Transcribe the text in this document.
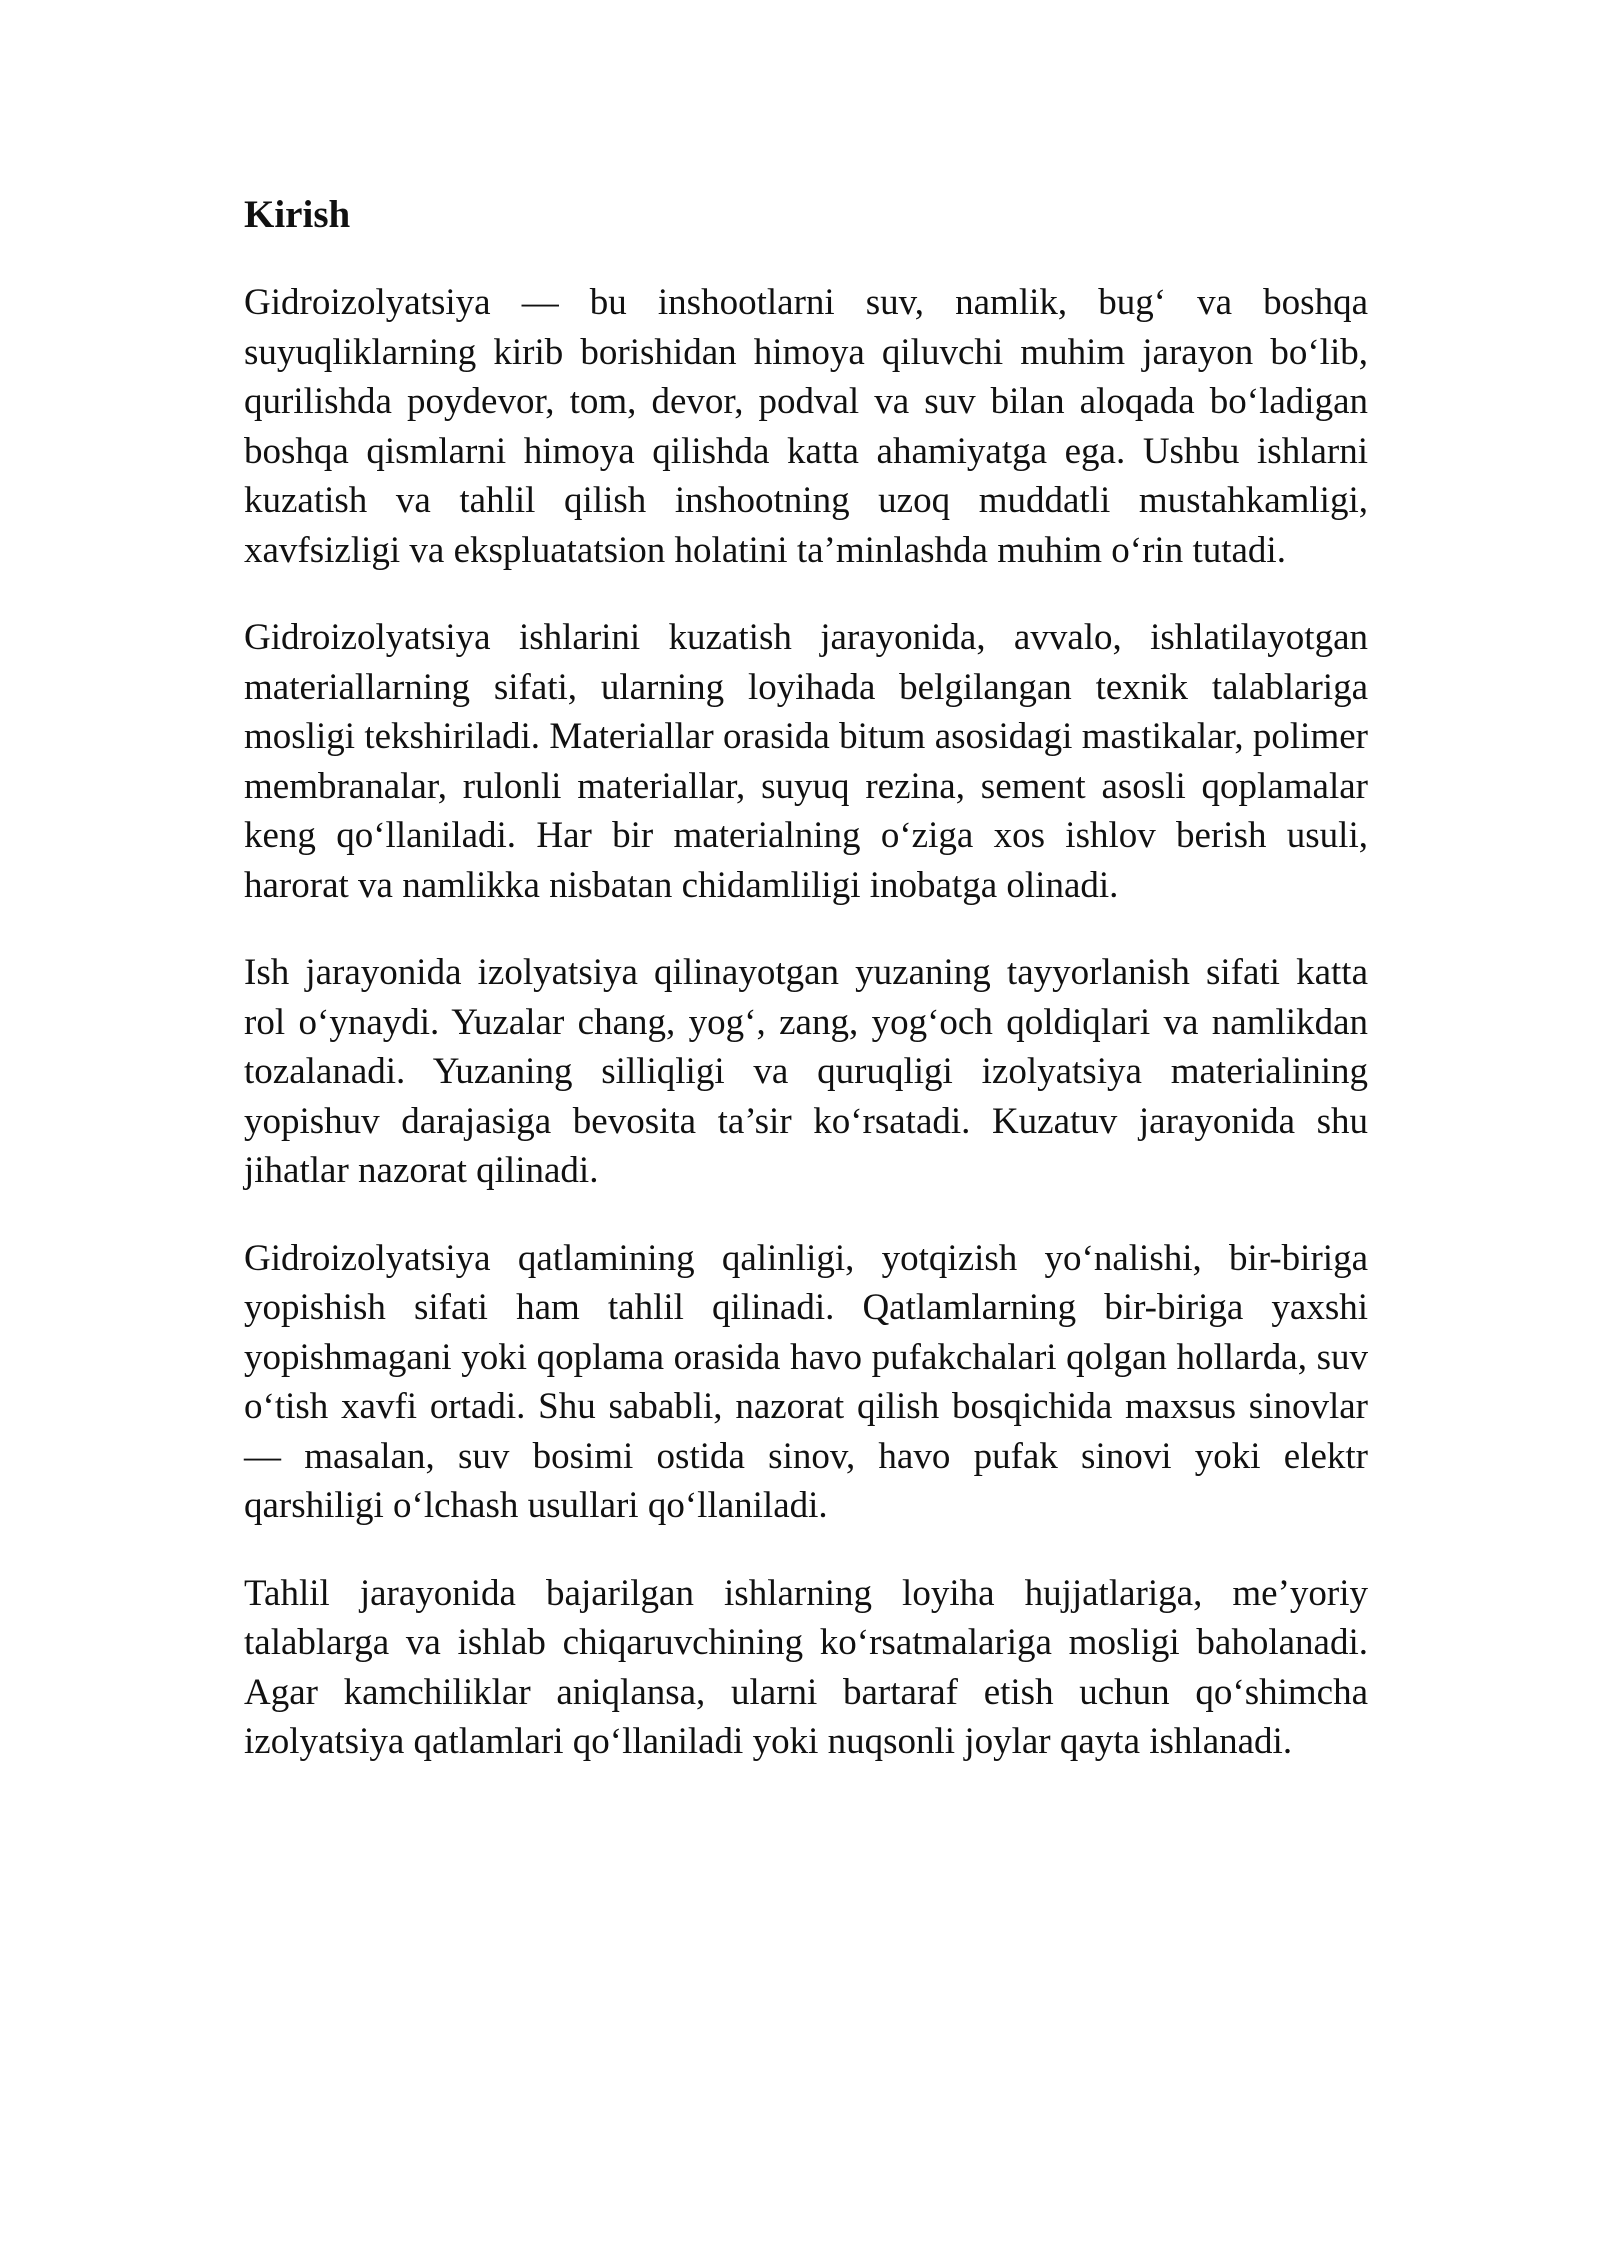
Kirish

Gidroizolyatsiya — bu inshootlarni suv, namlik, bug‘ va boshqa suyuqliklarning kirib borishidan himoya qiluvchi muhim jarayon bo‘lib, qurilishda poydevor, tom, devor, podval va suv bilan aloqada bo‘ladigan boshqa qismlarni himoya qilishda katta ahamiyatga ega. Ushbu ishlarni kuzatish va tahlil qilish inshootning uzoq muddatli mustahkamligi, xavfsizligi va ekspluatatsion holatini ta’minlashda muhim o‘rin tutadi.

Gidroizolyatsiya ishlarini kuzatish jarayonida, avvalo, ishlatilayotgan materiallarning sifati, ularning loyihada belgilangan texnik talablariga mosligi tekshiriladi. Materiallar orasida bitum asosidagi mastikalar, polimer membranalar, rulonli materiallar, suyuq rezina, sement asosli qoplamalar keng qo‘llaniladi. Har bir materialning o‘ziga xos ishlov berish usuli, harorat va namlikka nisbatan chidamliligi inobatga olinadi.

Ish jarayonida izolyatsiya qilinayotgan yuzaning tayyorlanish sifati katta rol o‘ynaydi. Yuzalar chang, yog‘, zang, yog‘och qoldiqlari va namlikdan tozalanadi. Yuzaning silliqligi va quruqligi izolyatsiya materialining yopishuv darajasiga bevosita ta’sir ko‘rsatadi. Kuzatuv jarayonida shu jihatlar nazorat qilinadi.

Gidroizolyatsiya qatlamining qalinligi, yotqizish yo‘nalishi, bir-biriga yopishish sifati ham tahlil qilinadi. Qatlamlarning bir-biriga yaxshi yopishmagani yoki qoplama orasida havo pufakchalari qolgan hollarda, suv o‘tish xavfi ortadi. Shu sababli, nazorat qilish bosqichida maxsus sinovlar — masalan, suv bosimi ostida sinov, havo pufak sinovi yoki elektr qarshiligi o‘lchash usullari qo‘llaniladi.

Tahlil jarayonida bajarilgan ishlarning loyiha hujjatlariga, me’yoriy talablarga va ishlab chiqaruvchining ko‘rsatmalariga mosligi baholanadi. Agar kamchiliklar aniqlansa, ularni bartaraf etish uchun qo‘shimcha izolyatsiya qatlamlari qo‘llaniladi yoki nuqsonli joylar qayta ishlanadi.
